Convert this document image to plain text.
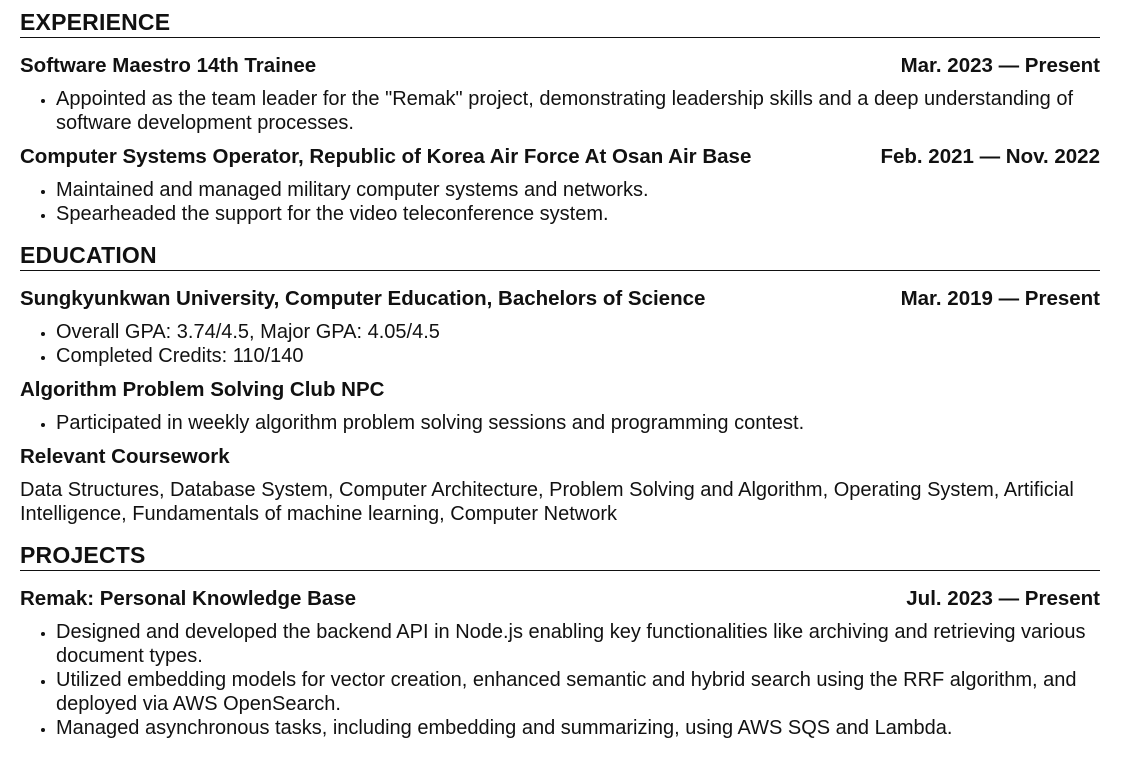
EXPERIENCE
Software Maestro 14th Trainee	Mar. 2023 — Present
• Appointed as the team leader for the "Remak" project, demonstrating leadership skills and a deep understanding of software development processes.
Computer Systems Operator, Republic of Korea Air Force At Osan Air Base	Feb. 2021 — Nov. 2022
• Maintained and managed military computer systems and networks.
• Spearheaded the support for the video teleconference system.
EDUCATION
Sungkyunkwan University, Computer Education, Bachelors of Science	Mar. 2019 — Present
• Overall GPA: 3.74/4.5, Major GPA: 4.05/4.5
• Completed Credits: 110/140
Algorithm Problem Solving Club NPC
• Participated in weekly algorithm problem solving sessions and programming contest.
Relevant Coursework

Data Structures, Database System, Computer Architecture, Problem Solving and Algorithm, Operating System, Artificial Intelligence, Fundamentals of machine learning, Computer Network

PROJECTS
Remak: Personal Knowledge Base	Jul. 2023 — Present
• Designed and developed the backend API in Node.js enabling key functionalities like archiving and retrieving various document types.
• Utilized embedding models for vector creation, enhanced semantic and hybrid search using the RRF algorithm, and deployed via AWS OpenSearch.
• Managed asynchronous tasks, including embedding and summarizing, using AWS SQS and Lambda.
